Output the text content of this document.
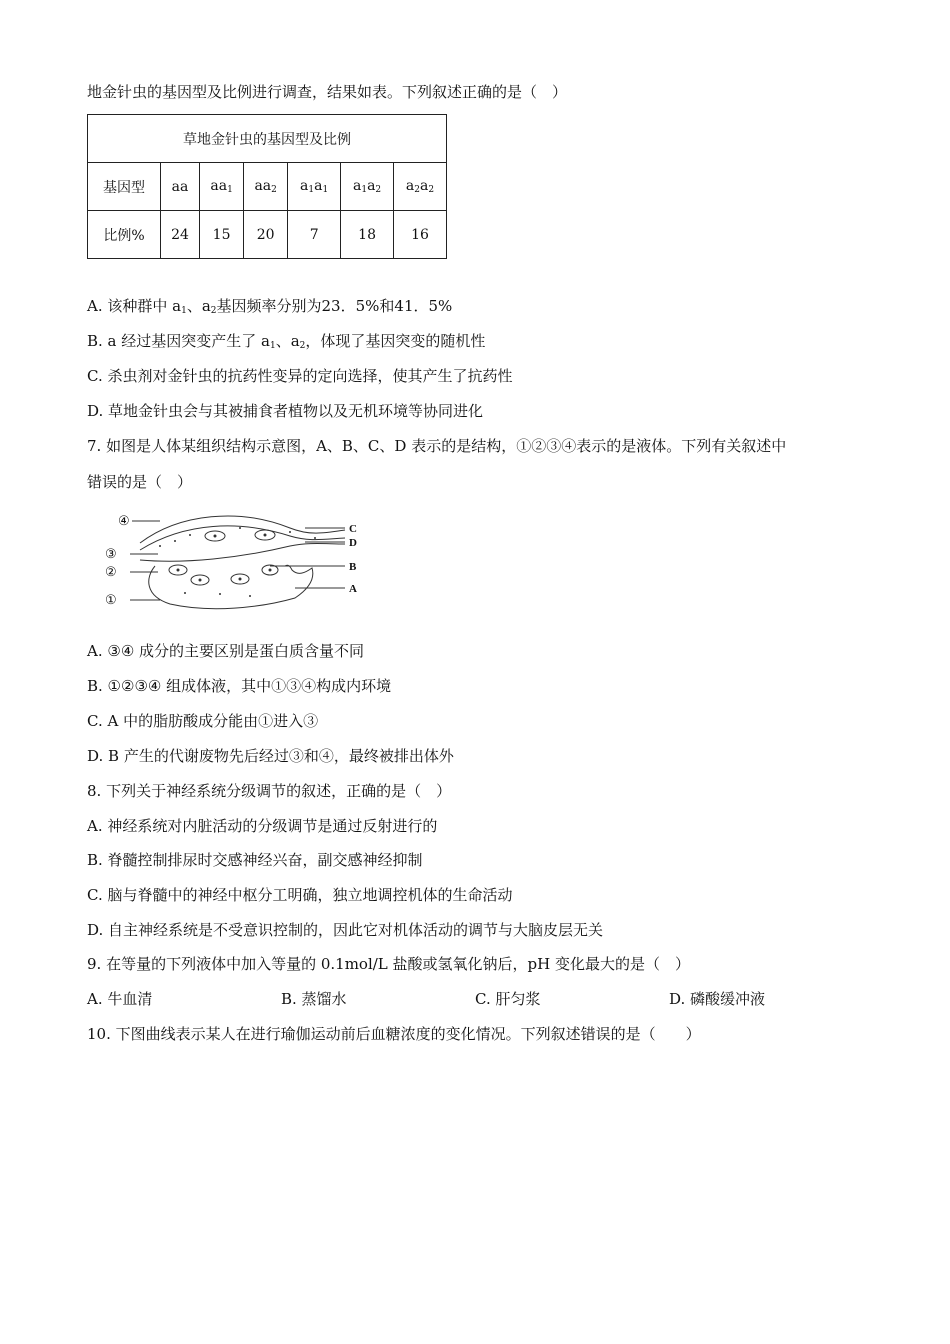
地金针虫的基因型及比例进行调查，结果如表。下列叙述正确的是（　）
草地金针虫的基因型及比例						
基因型	aa	$aa_1$	$aa_2$	$a_1a_1$	$a_1a_2$	$a_2a_2$
比例%	24	15	20	7	18	16
A. 该种群中 $a_1$、$a_2$基因频率分别为23．5%和41．5%
B. a 经过基因突变产生了 $a_1$、$a_2$，体现了基因突变的随机性
C. 杀虫剂对金针虫的抗药性变异的定向选择，使其产生了抗药性
D. 草地金针虫会与其被捕食者植物以及无机环境等协同进化
7. 如图是人体某组织结构示意图，A、B、C、D 表示的是结构，①②③④表示的是液体。下列有关叙述中
错误的是（　）
④
③
②
①
C
D
B
A
A. ③④ 成分的主要区别是蛋白质含量不同
B. ①②③④ 组成体液，其中①③④构成内环境
C. A 中的脂肪酸成分能由①进入③
D. B 产生的代谢废物先后经过③和④，最终被排出体外
8. 下列关于神经系统分级调节的叙述，正确的是（　）
A. 神经系统对内脏活动的分级调节是通过反射进行的
B. 脊髓控制排尿时交感神经兴奋，副交感神经抑制
C. 脑与脊髓中的神经中枢分工明确，独立地调控机体的生命活动
D. 自主神经系统是不受意识控制的，因此它对机体活动的调节与大脑皮层无关
9. 在等量的下列液体中加入等量的 0.1mol/L 盐酸或氢氧化钠后，pH 变化最大的是（　）
A. 牛血清	B. 蒸馏水	C. 肝匀浆	D. 磷酸缓冲液
10. 下图曲线表示某人在进行瑜伽运动前后血糖浓度的变化情况。下列叙述错误的是（　　）
